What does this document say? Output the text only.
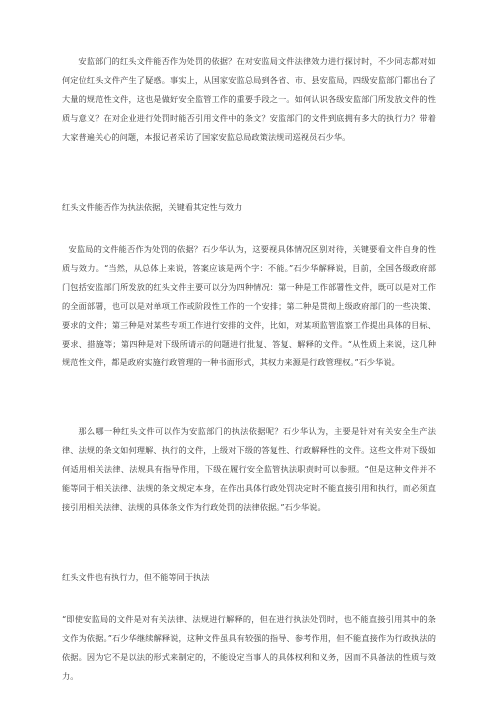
安监部门的红头文件能否作为处罚的依据？在对安监局文件法律效力进行探讨时，不少同志都对如何定位红头文件产生了疑惑。事实上，从国家安监总局到各省、市、县安监局，四级安监部门都出台了大量的规范性文件，这也是做好安全监管工作的重要手段之一。如何认识各级安监部门所发放文件的性质与意义？在对企业进行处罚时能否引用文件中的条文？安监部门的文件到底拥有多大的执行力？带着大家普遍关心的问题，本报记者采访了国家安监总局政策法规司巡视员石少华。

红头文件能否作为执法依据，关键看其定性与效力

安监局的文件能否作为处罚的依据？石少华认为，这要视具体情况区别对待，关键要看文件自身的性质与效力。“当然，从总体上来说，答案应该是两个字：不能。”石少华解释说，目前，全国各级政府部门包括安监部门所发放的红头文件主要可以分为四种情况：第一种是工作部署性文件，既可以是对工作的全面部署，也可以是对单项工作或阶段性工作的一个安排；第二种是贯彻上级政府部门的一些决策、要求的文件；第三种是对某些专项工作进行安排的文件，比如，对某项监管监察工作提出具体的目标、要求、措施等；第四种是对下级所请示的问题进行批复、答复、解释的文件。“从性质上来说，这几种规范性文件，都是政府实施行政管理的一种书面形式，其权力来源是行政管理权。”石少华说。

那么哪一种红头文件可以作为安监部门的执法依据呢？石少华认为，主要是针对有关安全生产法律、法规的条文如何理解、执行的文件，上级对下级的答复性、行政解释性的文件。这些文件对下级如何适用相关法律、法规具有指导作用，下级在履行安全监管执法职责时可以参照。“但是这种文件并不能等同于相关法律、法规的条文规定本身，在作出具体行政处罚决定时不能直接引用和执行，而必须直接引用相关法律、法规的具体条文作为行政处罚的法律依据。”石少华说。

红头文件也有执行力，但不能等同于执法

“即使安监局的文件是对有关法律、法规进行解释的，但在进行执法处罚时，也不能直接引用其中的条文作为依据。”石少华继续解释说，这种文件虽具有较强的指导、参考作用，但不能直接作为行政执法的依据。因为它不是以法的形式来制定的，不能设定当事人的具体权利和义务，因而不具备法的性质与效力。
